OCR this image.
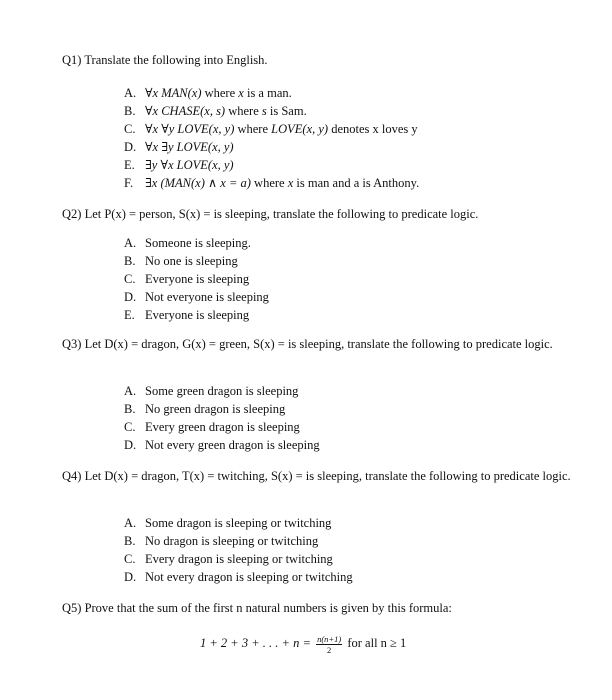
Q1) Translate the following into English.
A. ∀x MAN(x) where x is a man.
B. ∀x CHASE(x, s) where s is Sam.
C. ∀x ∀y LOVE(x, y) where LOVE(x, y) denotes x loves y
D. ∀x ∃y LOVE(x, y)
E. ∃y ∀x LOVE(x, y)
F. ∃x (MAN(x) ∧ x = a) where x is man and a is Anthony.
Q2) Let P(x) = person, S(x) = is sleeping, translate the following to predicate logic.
A. Someone is sleeping.
B. No one is sleeping
C. Everyone is sleeping
D. Not everyone is sleeping
E. Everyone is sleeping
Q3) Let D(x) = dragon, G(x) = green, S(x) = is sleeping, translate the following to predicate logic.
A. Some green dragon is sleeping
B. No green dragon is sleeping
C. Every green dragon is sleeping
D. Not every green dragon is sleeping
Q4) Let D(x) = dragon, T(x) = twitching, S(x) = is sleeping, translate the following to predicate logic.
A. Some dragon is sleeping or twitching
B. No dragon is sleeping or twitching
C. Every dragon is sleeping or twitching
D. Not every dragon is sleeping or twitching
Q5) Prove that the sum of the first n natural numbers is given by this formula:
1 + 2 + 3 + . . . + $n = \frac{n(n+1)}{2}$ for all n ≥ 1
